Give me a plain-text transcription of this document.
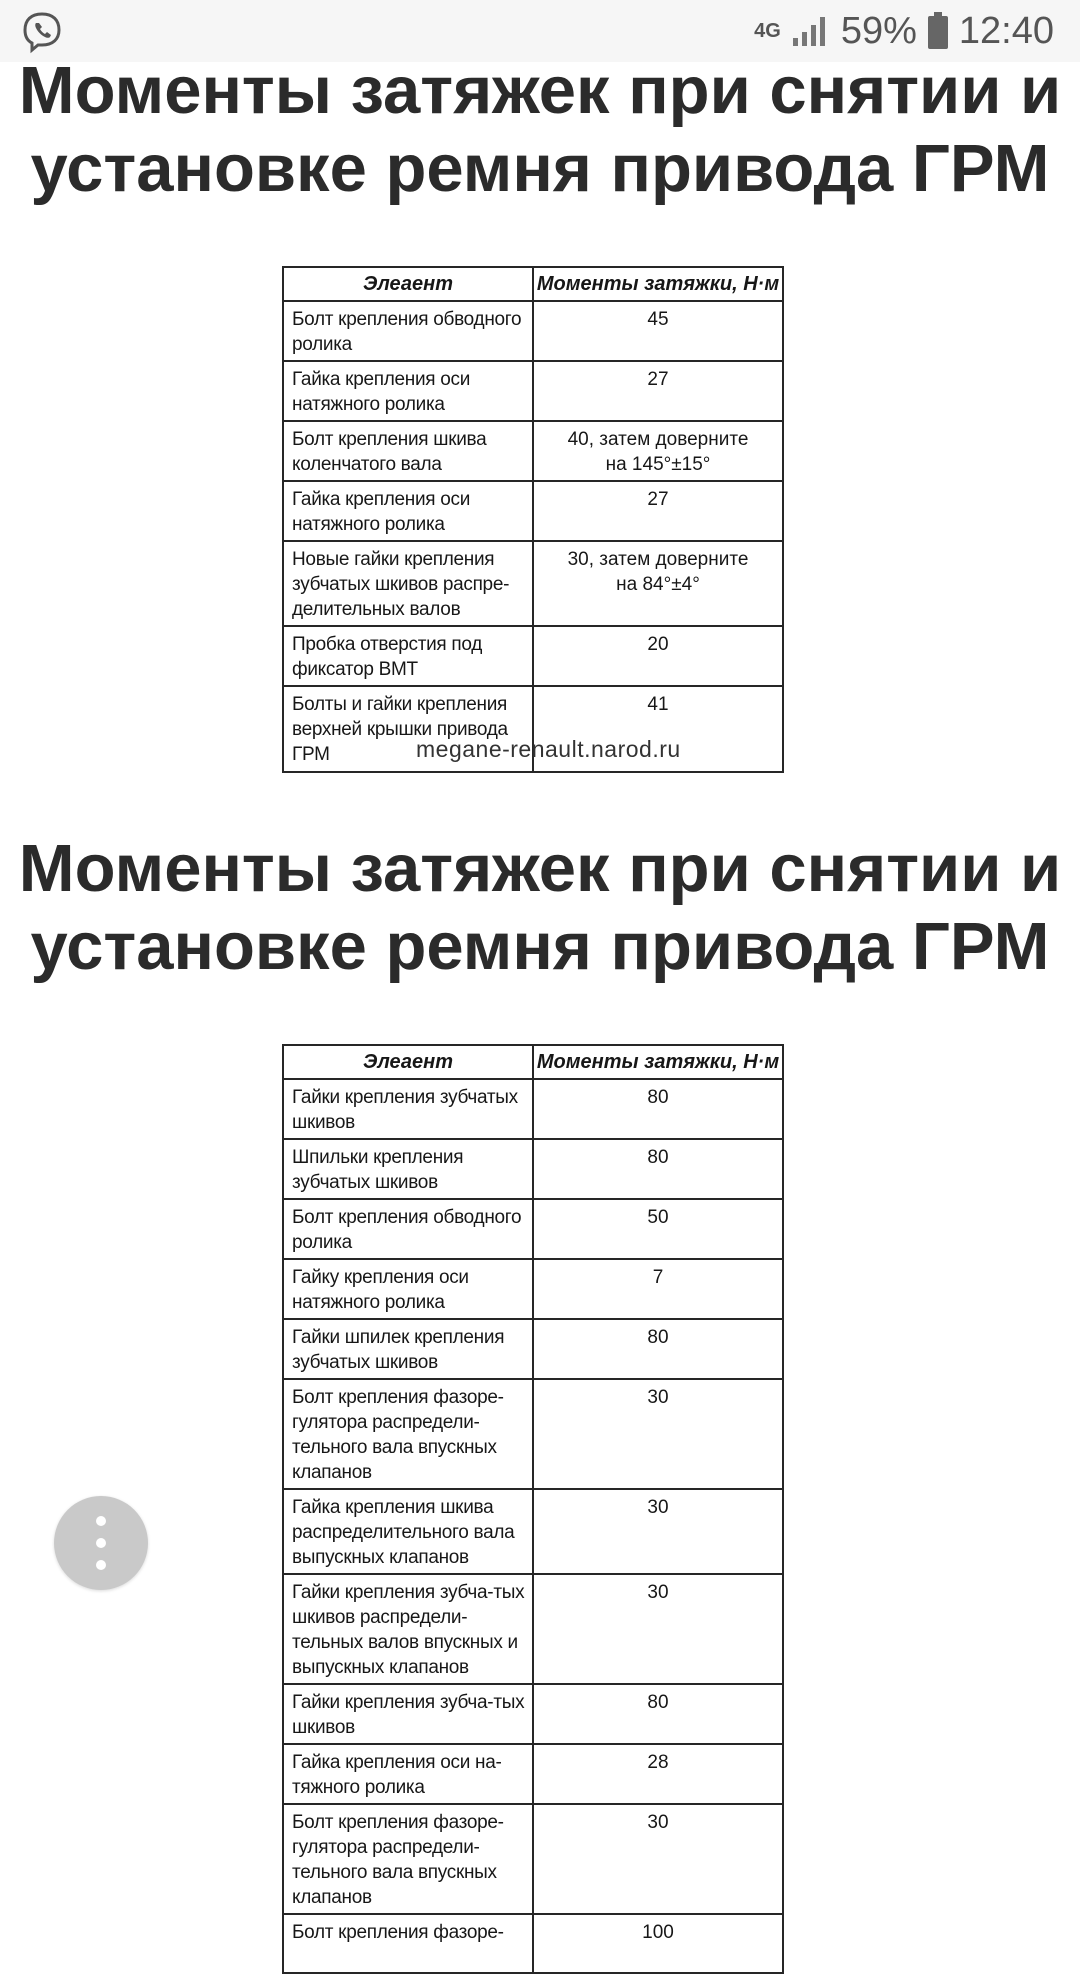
4G 59% 12:40
Моменты затяжек при снятии и установке ремня привода ГРМ
Элеаент	Моменты затяжки, Н·м
Болт крепления обводного ролика	45
Гайка крепления оси натяжного ролика	27
Болт крепления шкива коленчатого вала	40, затем доверните на 145°±15°
Гайка крепления оси натяжного ролика	27
Новые гайки крепления зубчатых шкивов распре-делительных валов	30, затем доверните на 84°±4°
Пробка отверстия под фиксатор ВМТ	20
Болты и гайки крепления верхней крышки привода ГРМ	41
megane-renault.narod.ru
Моменты затяжек при снятии и установке ремня привода ГРМ
Элеаент	Моменты затяжки, Н·м
Гайки крепления зубчатых шкивов	80
Шпильки крепления зубчатых шкивов	80
Болт крепления обводного ролика	50
Гайку крепления оси натяжного ролика	7
Гайки шпилек крепления зубчатых шкивов	80
Болт крепления фазоре-гулятора распредели-тельного вала впускных клапанов	30
Гайка крепления шкива распределительного вала выпускных клапанов	30
Гайки крепления зубча-тых шкивов распредели-тельных валов впускных и выпускных клапанов	30
Гайки крепления зубча-тых шкивов	80
Гайка крепления оси на-тяжного ролика	28
Болт крепления фазоре-гулятора распредели-тельного вала впускных клапанов	30
Болт крепления фазоре-	100
